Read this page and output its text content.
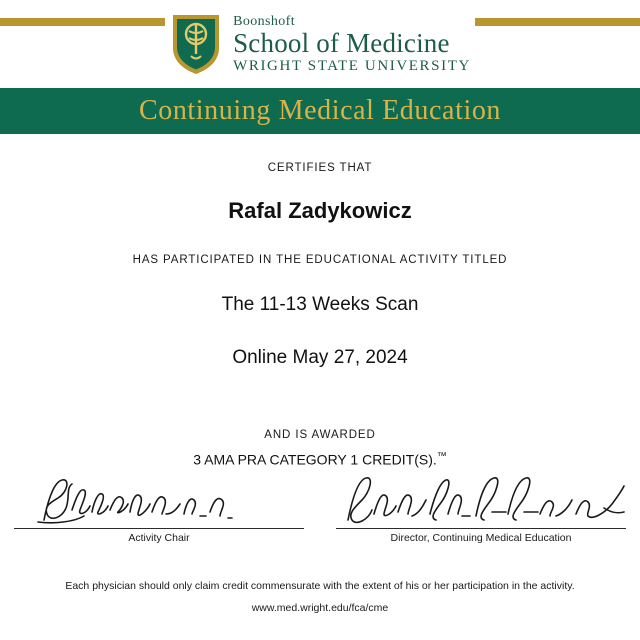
Boonshoft
School of Medicine
WRIGHT STATE UNIVERSITY
Continuing Medical Education
CERTIFIES THAT
Rafal Zadykowicz
HAS PARTICIPATED IN THE EDUCATIONAL ACTIVITY TITLED
The 11-13 Weeks Scan
Online May 27, 2024
AND IS AWARDED
3 AMA PRA CATEGORY 1 CREDIT(S).™
Activity Chair	Director, Continuing Medical Education
Each physician should only claim credit commensurate with the extent of his or her participation in the activity.
www.med.wright.edu/fca/cme
